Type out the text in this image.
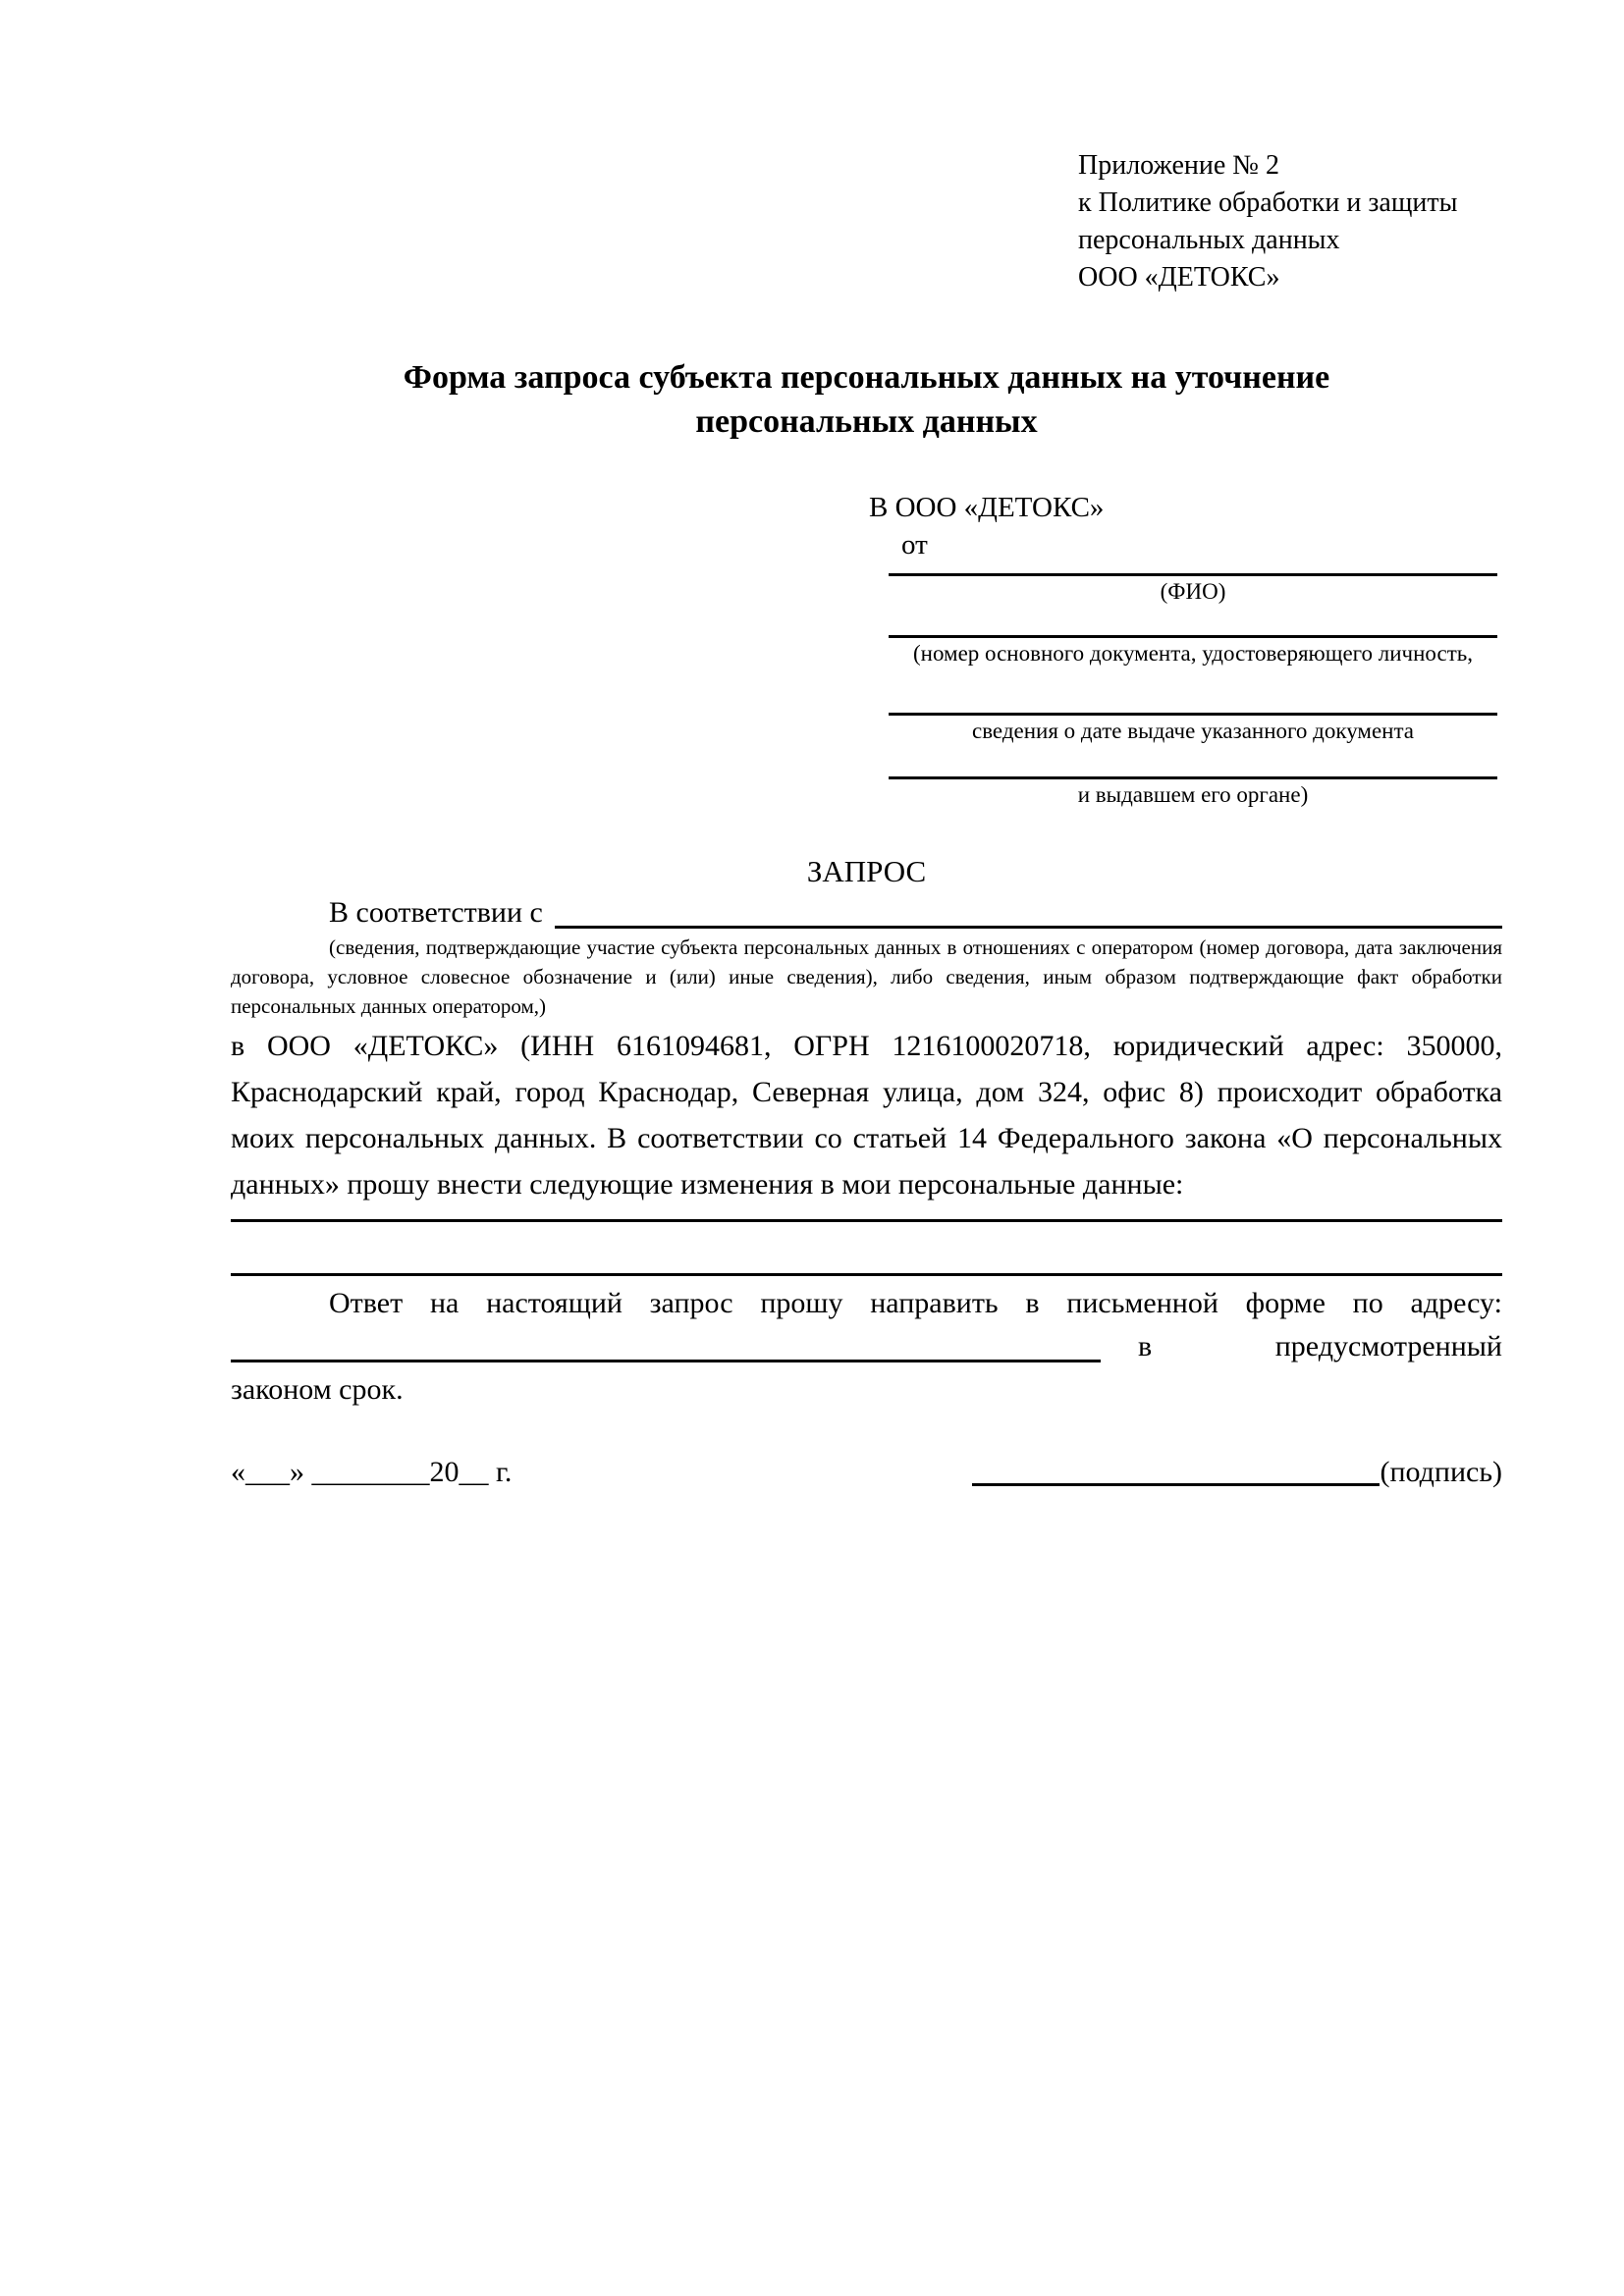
Приложение № 2
к Политике обработки и защиты
персональных данных
ООО «ДЕТОКС»
Форма запроса субъекта персональных данных на уточнение
персональных данных
В ООО «ДЕТОКС»
от
(ФИО)
(номер основного документа, удостоверяющего личность,
сведения о дате выдаче указанного документа
и выдавшем его органе)
ЗАПРОС
В соответствии с
(сведения, подтверждающие участие субъекта персональных данных в отношениях с оператором (номер договора, дата заключения договора, условное словесное обозначение и (или) иные сведения), либо сведения, иным образом подтверждающие факт обработки персональных данных оператором,)
в ООО «ДЕТОКС» (ИНН 6161094681, ОГРН 1216100020718, юридический адрес: 350000, Краснодарский край, город Краснодар, Северная улица, дом 324, офис 8) происходит обработка моих персональных данных. В соответствии со статьей 14 Федерального закона «О персональных данных» прошу внести следующие изменения в мои персональные данные:
Ответ на настоящий запрос прошу направить в письменной форме по адресу:
в	предусмотренный
законом срок.
«___» ________20__ г.	(подпись)
